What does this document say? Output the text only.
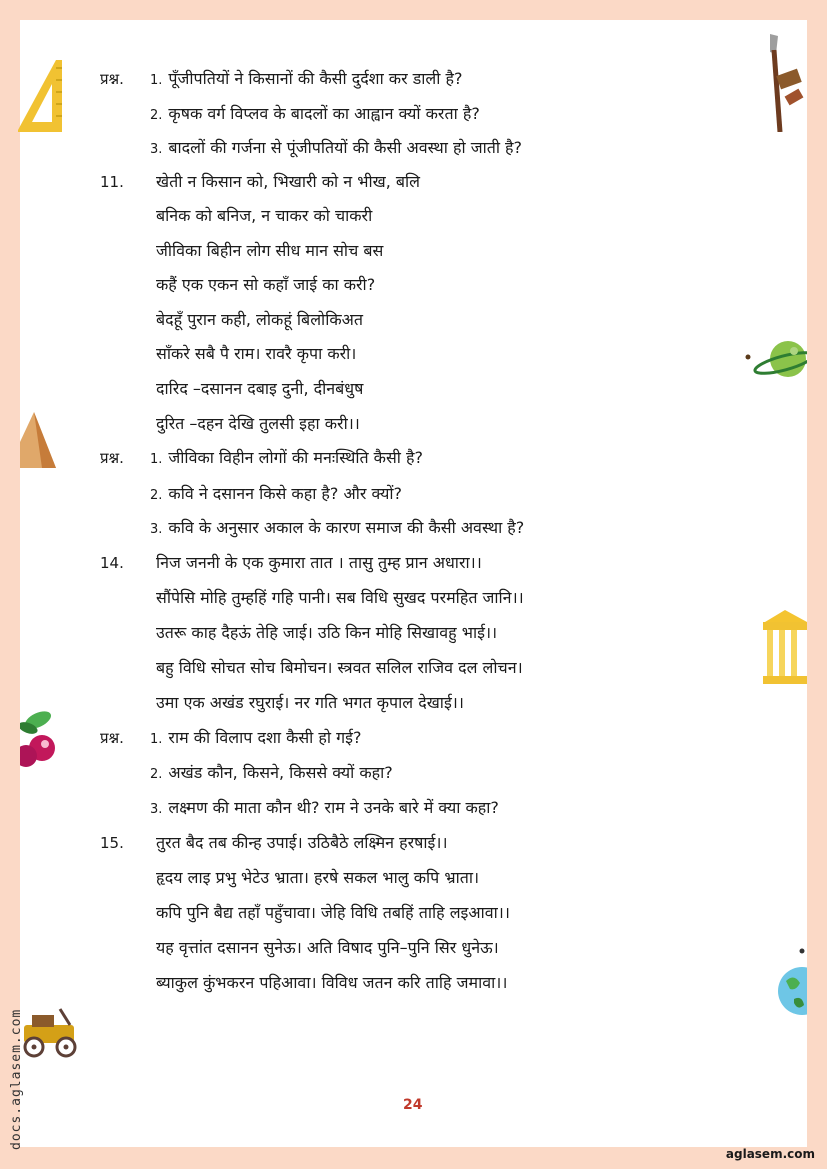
प्रश्न. 1. पूँजीपतियों ने किसानों की कैसी दुर्दशा कर डाली है?
2. कृषक वर्ग विप्लव के बादलों का आह्वान क्यों करता है?
3. बादलों की गर्जना से पूंजीपतियों की कैसी अवस्था हो जाती है?
11.	खेती न किसान को, भिखारी को न भीख, बलि
बनिक को बनिज, न चाकर को चाकरी
जीविका बिहीन लोग सीध मान सोच बस
कहैं एक एकन सो कहाँ जाई का करी?
बेदहूँ पुरान कही, लोकहूं बिलोकिअत
साँकरे सबै पै राम। रावरै कृपा करी।
दारिद –दसानन दबाइ दुनी, दीनबंधुष
दुरित –दहन देखि तुलसी इहा करी।।
प्रश्न. 1. जीविका विहीन लोगों की मनःस्थिति कैसी है?
2. कवि ने दसानन किसे कहा है? और क्यों?
3. कवि के अनुसार अकाल के कारण समाज की कैसी अवस्था है?
14.	निज जननी के एक कुमारा तात । तासु तुम्ह प्रान अधारा।।
सौंपेसि मोहि तुम्हहिं गहि पानी। सब विधि सुखद परमहित जानि।।
उतरू काह दैहऊं तेहि जाई। उठि किन मोहि सिखावहु भाई।।
बहु विधि सोचत सोच बिमोचन। स्त्रवत सलिल राजिव दल लोचन।
उमा एक अखंड रघुराई। नर गति भगत कृपाल देखाई।।
प्रश्न. 1. राम की विलाप दशा कैसी हो गई?
2. अखंड कौन, किसने, किससे क्यों कहा?
3. लक्ष्मण की माता कौन थी? राम ने उनके बारे में क्या कहा?
15.	तुरत बैद तब कीन्ह उपाई। उठिबैठे लक्ष्मिन हरषाई।।
हृदय लाइ प्रभु भेटेउ भ्राता। हरषे सकल भालु कपि भ्राता।
कपि पुनि बैद्य तहाँ पहुँचावा। जेहि विधि तबहिं ताहि लइआवा।।
यह वृत्तांत दसानन सुनेऊ। अति विषाद पुनि–पुनि सिर धुनेऊ।
ब्याकुल कुंभकरन पहिआवा। विविध जतन करि ताहि जमावा।।
24
aglasem.com
docs.aglasem.com
